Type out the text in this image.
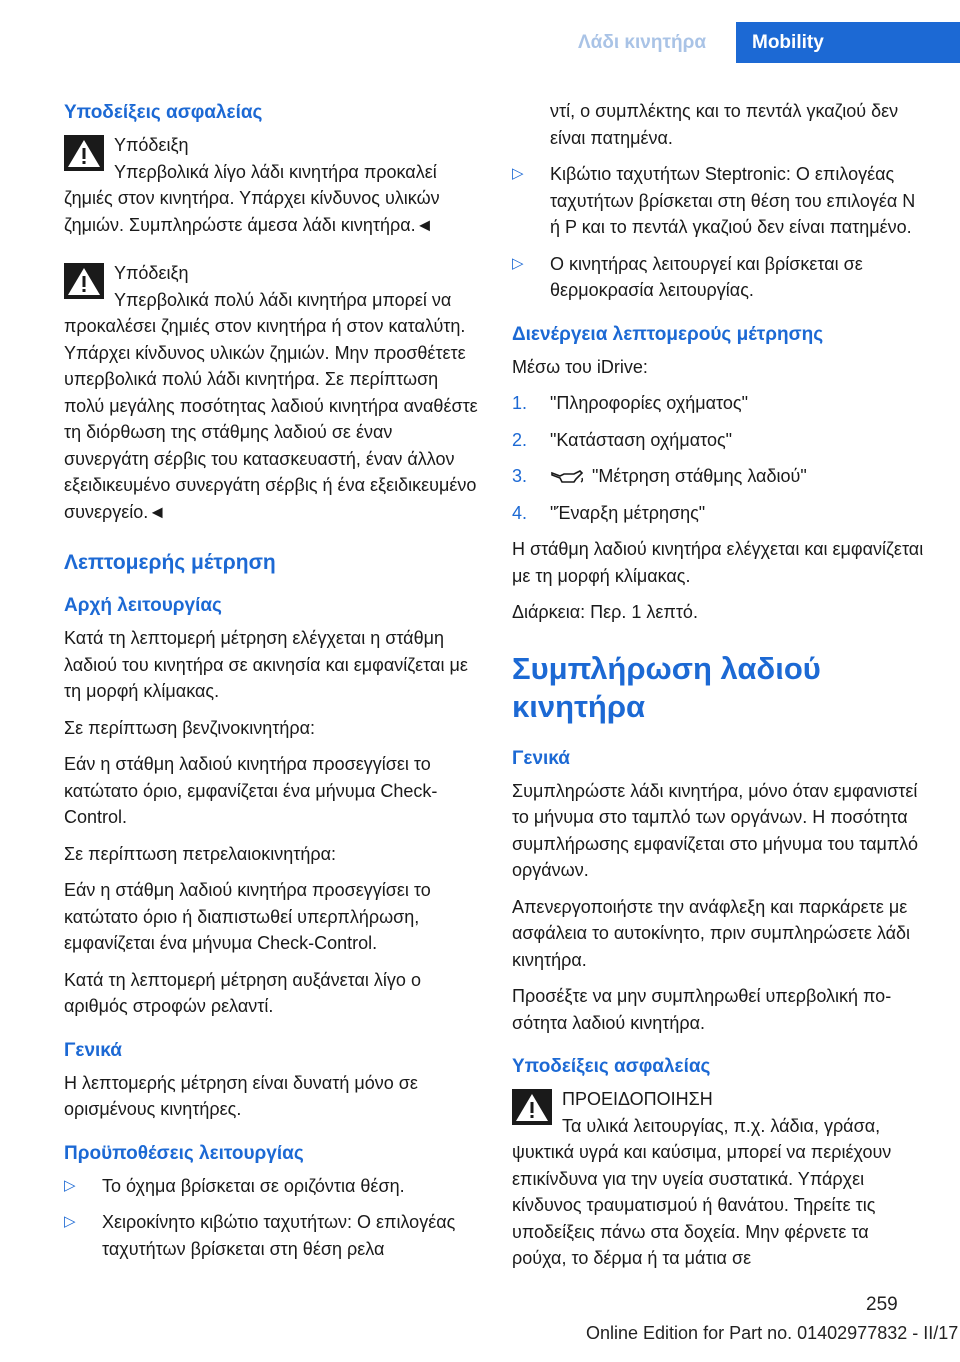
Λάδι κινητήρα	Mobility
Υποδείξεις ασφαλείας
Υπόδειξη

Υπερβολικά λίγο λάδι κινητήρα προκαλεί ζημιές στον κινητήρα. Υπάρχει κίνδυνος υλικών ζημιών. Συμπληρώστε άμεσα λάδι κινητήρα.◄

Υπόδειξη

Υπερβολικά πολύ λάδι κινητήρα μπορεί να προκαλέσει ζημιές στον κινητήρα ή στον καταλύτη. Υπάρχει κίνδυνος υλικών ζημιών. Μην προσθέτετε υπερβολικά πολύ λάδι κινητήρα. Σε περίπτωση πολύ μεγάλης ποσότητας λαδιού κινητήρα αναθέστε τη διόρθωση της στάθμης λαδιού σε έναν συνεργάτη σέρβις του κατασκευαστή, έναν άλλον εξειδικευμένο συνεργάτη σέρβις ή ένα εξειδικευμένο συνεργείο.◄

Λεπτομερής μέτρηση
Αρχή λειτουργίας

Κατά τη λεπτομερή μέτρηση ελέγχεται η στάθμη λαδιού του κινητήρα σε ακινησία και εμφανίζεται με τη μορφή κλίμακας.

Σε περίπτωση βενζινοκινητήρα:

Εάν η στάθμη λαδιού κινητήρα προσεγγίσει το κατώτατο όριο, εμφανίζεται ένα μήνυμα Check-Control.

Σε περίπτωση πετρελαιοκινητήρα:

Εάν η στάθμη λαδιού κινητήρα προσεγγίσει το κατώτατο όριο ή διαπιστωθεί υπερπλήρωση, εμφανίζεται ένα μήνυμα Check-Control.

Κατά τη λεπτομερή μέτρηση αυξάνεται λίγο ο αριθμός στροφών ρελαντί.

Γενικά

Η λεπτομερής μέτρηση είναι δυνατή μόνο σε ορισμένους κινητήρες.

Προϋποθέσεις λειτουργίας
▷ Το όχημα βρίσκεται σε οριζόντια θέση.
▷ Χειροκίνητο κιβώτιο ταχυτήτων: Ο επιλογέας ταχυτήτων βρίσκεται στη θέση ρελα

ντί, ο συμπλέκτης και το πεντάλ γκαζιού δεν είναι πατημένα.

▷ Κιβώτιο ταχυτήτων Steptronic: Ο επιλογέας ταχυτήτων βρίσκεται στη θέση του επιλογέα N ή P και το πεντάλ γκαζιού δεν είναι πατημένο.
▷ Ο κινητήρας λειτουργεί και βρίσκεται σε θερμοκρασία λειτουργίας.
Διενέργεια λεπτομερούς μέτρησης

Μέσω του iDrive:

1. "Πληροφορίες οχήματος"
2. "Κατάσταση οχήματος"
3.	"Μέτρηση στάθμης λαδιού"
4. "Έναρξη μέτρησης"

Η στάθμη λαδιού κινητήρα ελέγχεται και εμφανίζεται με τη μορφή κλίμακας.

Διάρκεια: Περ. 1 λεπτό.

Συμπλήρωση λαδιού κινητήρα
Γενικά

Συμπληρώστε λάδι κινητήρα, μόνο όταν εμφανιστεί το μήνυμα στο ταμπλό των οργάνων. Η ποσότητα συμπλήρωσης εμφανίζεται στο μήνυμα του ταμπλό οργάνων.

Απενεργοποιήστε την ανάφλεξη και παρκάρετε με ασφάλεια το αυτοκίνητο, πριν συμπληρώσετε λάδι κινητήρα.

Προσέξτε να μην συμπληρωθεί υπερβολική ποσότητα λαδιού κινητήρα.

Υποδείξεις ασφαλείας
ΠΡΟΕΙΔΟΠΟΙΗΣΗ

Τα υλικά λειτουργίας, π.χ. λάδια, γράσα, ψυκτικά υγρά και καύσιμα, μπορεί να περιέχουν επικίνδυνα για την υγεία συστατικά. Υπάρχει κίνδυνος τραυματισμού ή θανάτου. Τηρείτε τις υποδείξεις πάνω στα δοχεία. Μην φέρνετε τα ρούχα, το δέρμα ή τα μάτια σε

259
Online Edition for Part no. 01402977832 - II/17
